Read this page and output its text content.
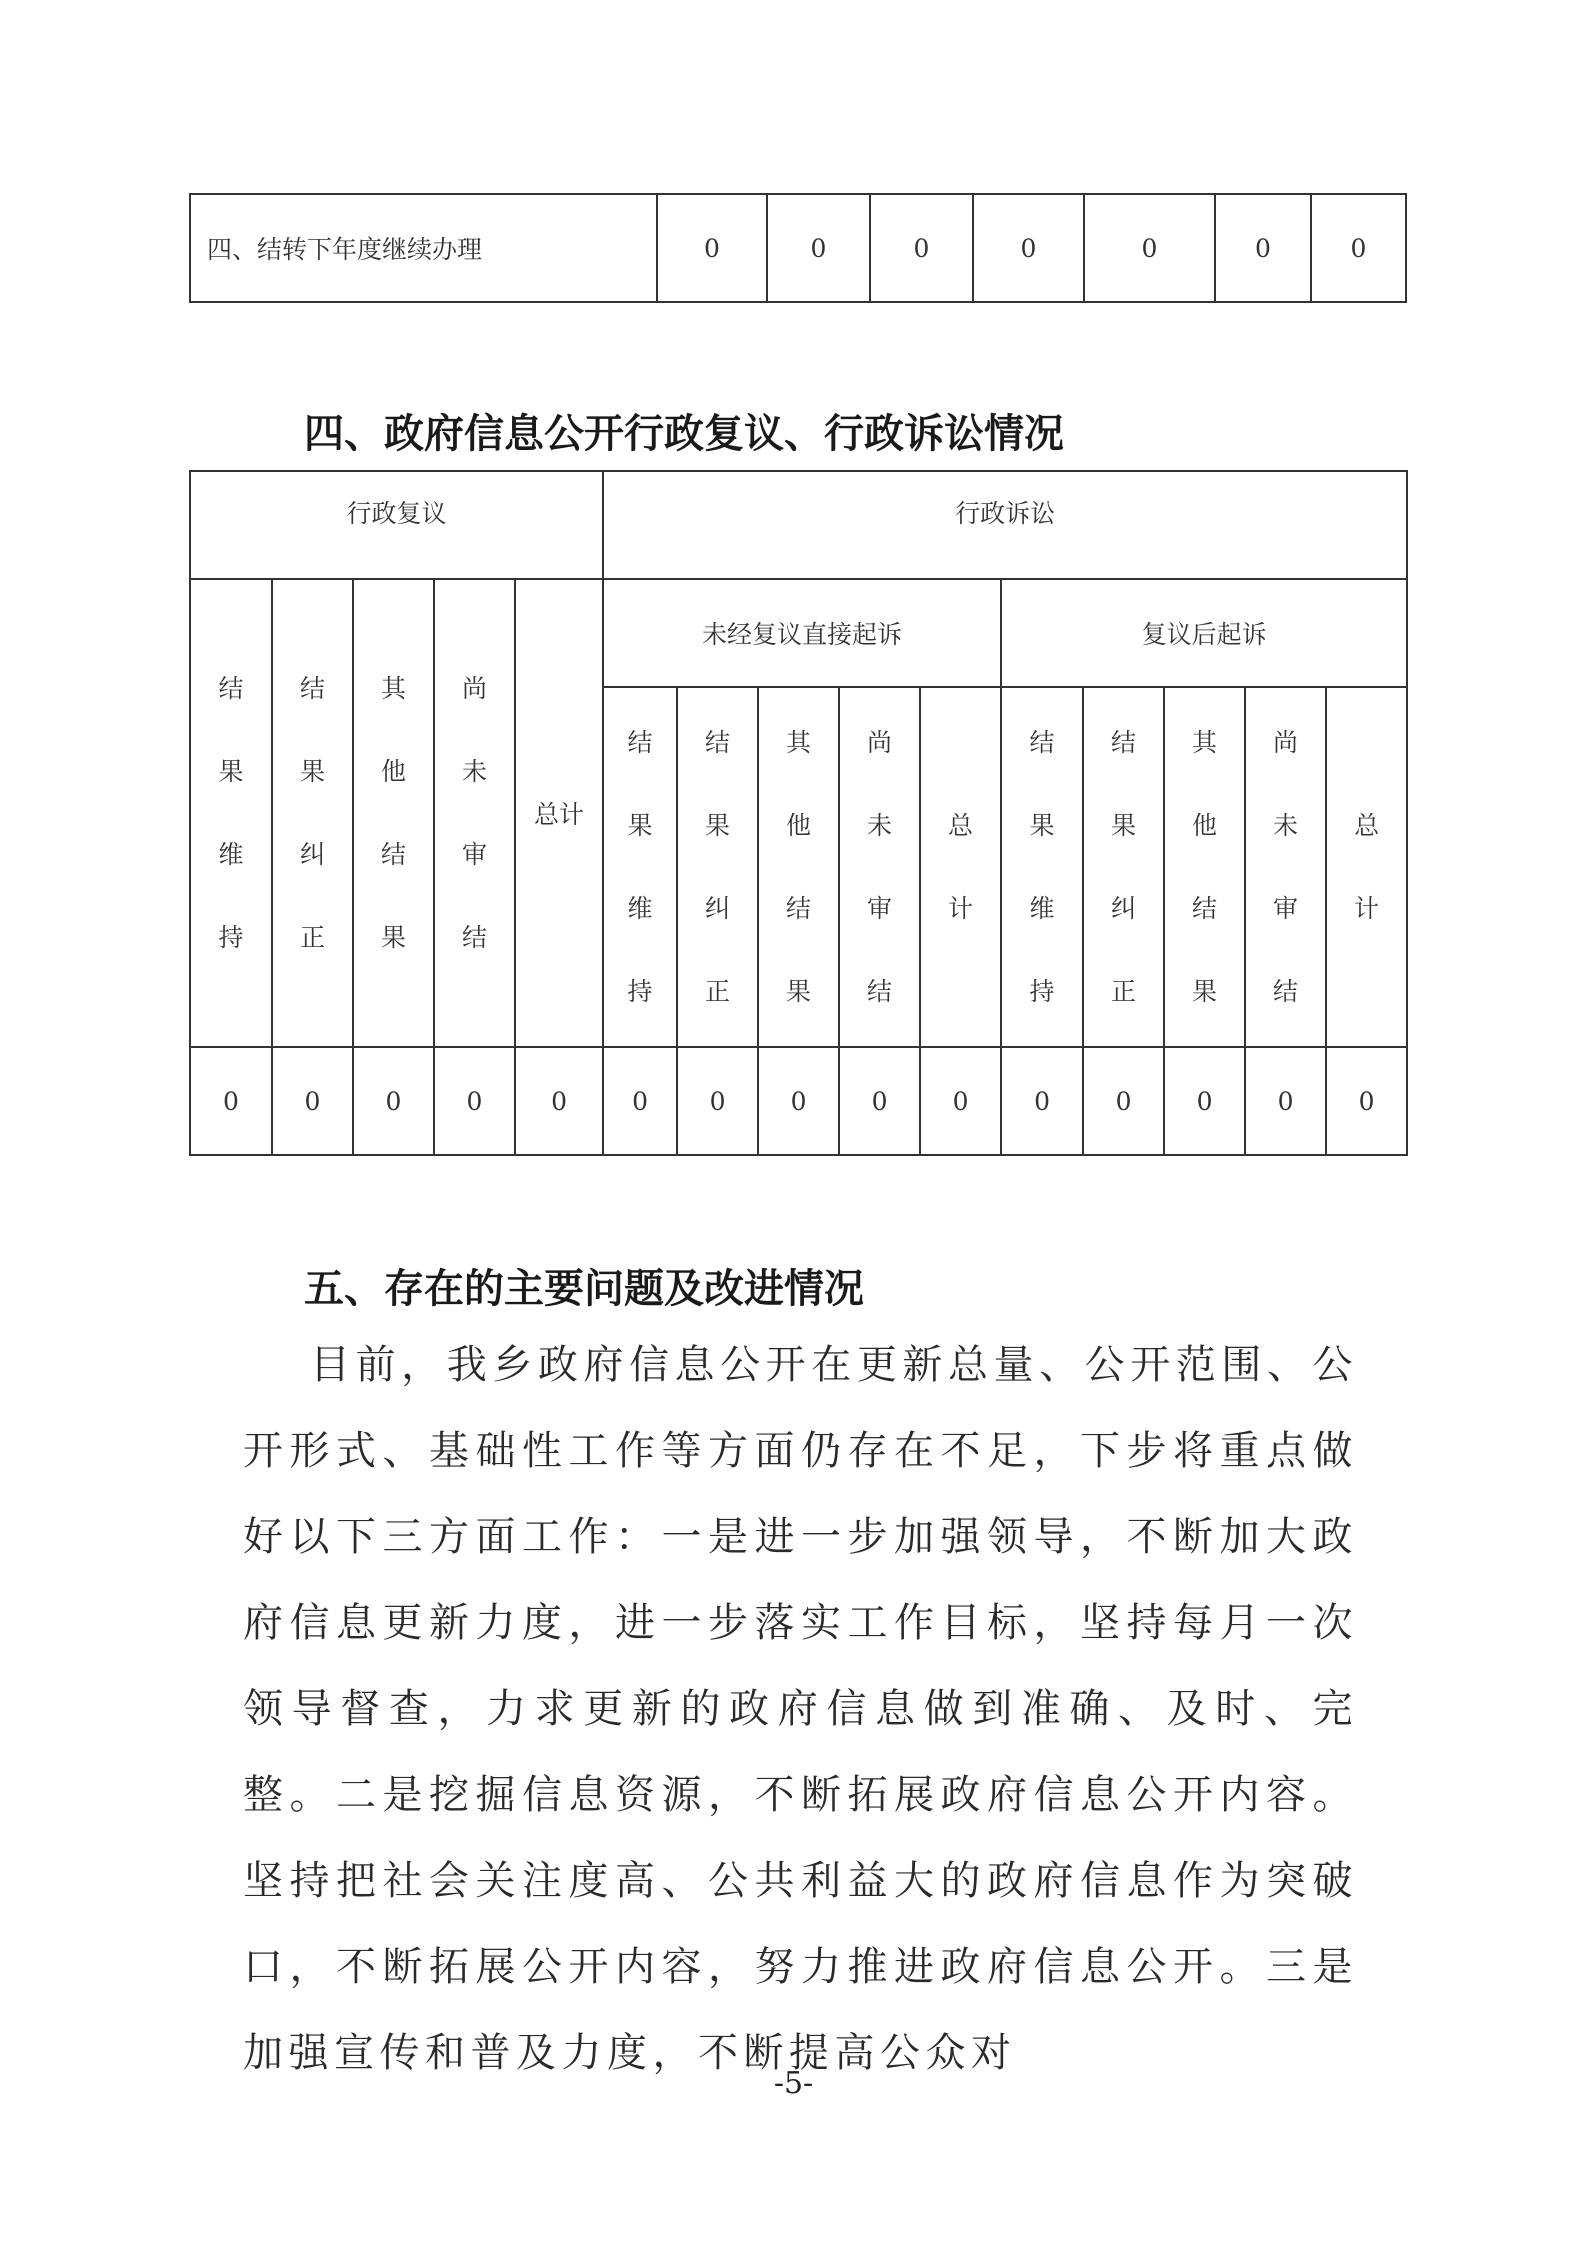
四、结转下年度继续办理	0	0	0	0	0	0	0
四、政府信息公开行政复议、行政诉讼情况
行政复议					行政诉讼									
结果维持	结果纠正	其他结果	尚未审结	总计	未经复议直接起诉					复议后起诉				
					结果维持	结果纠正	其他结果	尚未审结	总计	结果维持	结果纠正	其他结果	尚未审结	总计
0	0	0	0	0	0	0	0	0	0	0	0	0	0	0
五、存在的主要问题及改进情况

目前，我乡政府信息公开在更新总量、公开范围、公开形式、基础性工作等方面仍存在不足，下步将重点做好以下三方面工作：一是进一步加强领导，不断加大政府信息更新力度，进一步落实工作目标，坚持每月一次领导督查，力求更新的政府信息做到准确、及时、完整。二是挖掘信息资源，不断拓展政府信息公开内容。坚持把社会关注度高、公共利益大的政府信息作为突破口，不断拓展公开内容，努力推进政府信息公开。三是加强宣传和普及力度，不断提高公众对

-5-
